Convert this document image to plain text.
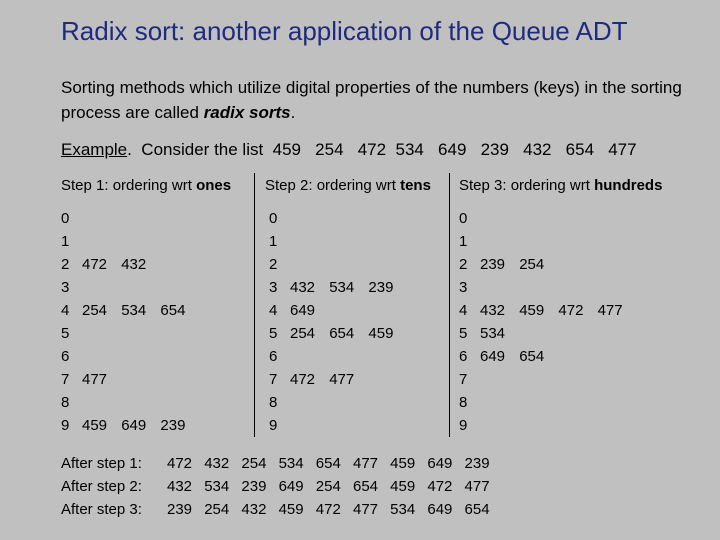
Radix sort: another application of the Queue ADT
Sorting methods which utilize digital properties of the numbers (keys) in the sorting process are called radix sorts.
Example.  Consider the list  459   254   472  534   649   239   432   654   477
Step 1: ordering wrt ones Step 2: ordering wrt tens Step 3: ordering wrt hundreds
0
1
2 472 432
3
4 254 534 654
5
6
7 477
8
9 459 649 239
0
1
2
3 432 534 239
4 649
5 254 654 459
6
7 472 477
8
9
0
1
2 239 254
3
4 432 459 472 477
5 534
6 649 654
7
8
9
After step 1:	472 432 254 534 654 477 459 649 239
After step 2:	432 534 239 649 254 654 459 472 477
After step 3:	239 254 432 459 472 477 534 649 654
